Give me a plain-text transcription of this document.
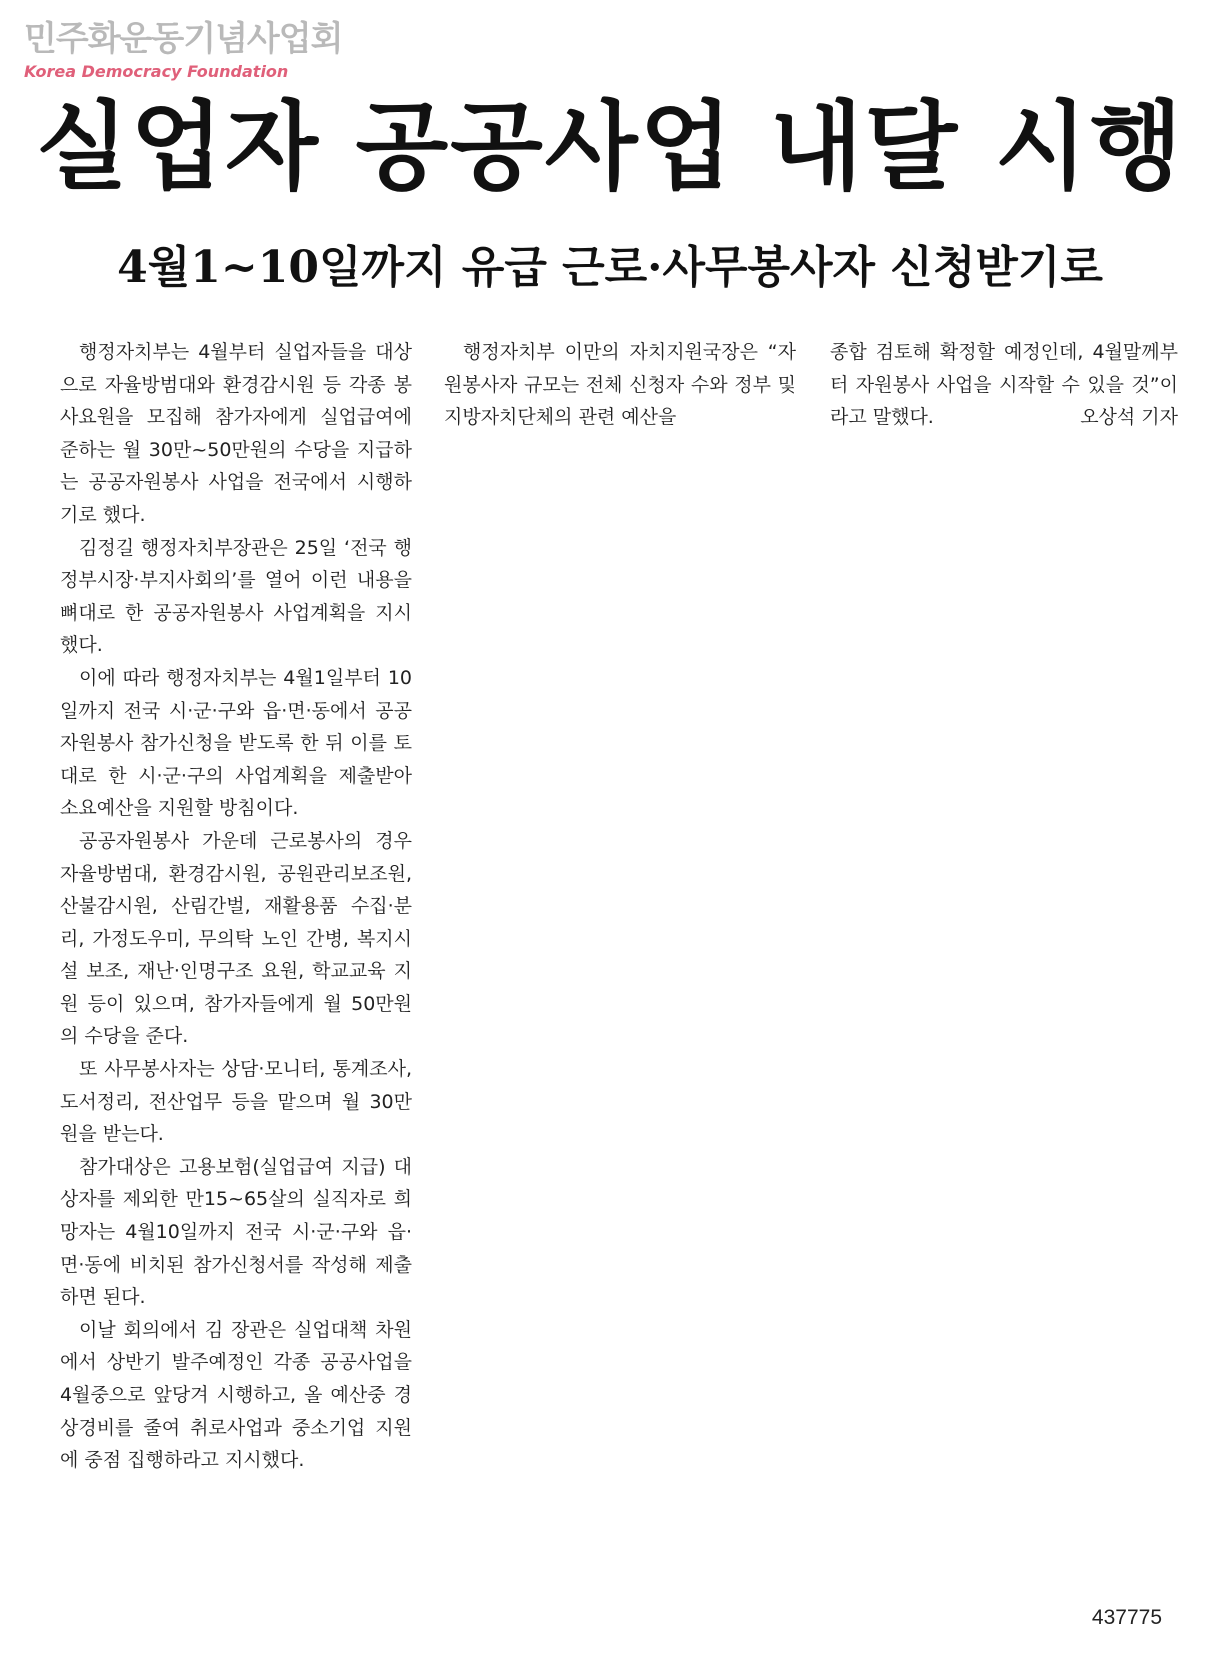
민주화운동기념사업회
Korea Democracy Foundation
실업자 공공사업 내달 시행
4월1~10일까지 유급 근로·사무봉사자 신청받기로

행정자치부는 4월부터 실업자들을 대상으로 자율방범대와 환경감시원 등 각종 봉사요원을 모집해 참가자에게 실업급여에 준하는 월 30만~50만원의 수당을 지급하는 공공자원봉사 사업을 전국에서 시행하기로 했다.

김정길 행정자치부장관은 25일 ‘전국 행정부시장·부지사회의’를 열어 이런 내용을 뼈대로 한 공공자원봉사 사업계획을 지시했다.

이에 따라 행정자치부는 4월1일부터 10일까지 전국 시·군·구와 읍·면·동에서 공공자원봉사 참가신청을 받도록 한 뒤 이를 토대로 한 시·군·구의 사업계획을 제출받아 소요예산을 지원할 방침이다.

공공자원봉사 가운데 근로봉사의 경우 자율방범대, 환경감시원, 공원관리보조원, 산불감시원, 산림간벌, 재활용품 수집·분리, 가정도우미, 무의탁 노인 간병, 복지시설 보조, 재난·인명구조 요원, 학교교육 지원 등이 있으며, 참가자들에게 월 50만원의 수당을 준다.

또 사무봉사자는 상담·모니터, 통계조사, 도서정리, 전산업무 등을 맡으며 월 30만원을 받는다.

참가대상은 고용보험(실업급여 지급) 대상자를 제외한 만15~65살의 실직자로 희망자는 4월10일까지 전국 시·군·구와 읍·면·동에 비치된 참가신청서를 작성해 제출하면 된다.

이날 회의에서 김 장관은 실업대책 차원에서 상반기 발주예정인 각종 공공사업을 4월중으로 앞당겨 시행하고, 올 예산중 경상경비를 줄여 취로사업과 중소기업 지원에 중점 집행하라고 지시했다.

행정자치부 이만의 자치지원국장은 “자원봉사자 규모는 전체 신청자 수와 정부 및 지방자치단체의 관련 예산을

종합 검토해 확정할 예정인데, 4월말께부터 자원봉사 사업을 시작할 수 있을 것”이라고 말했다.	오상석 기자

437775
